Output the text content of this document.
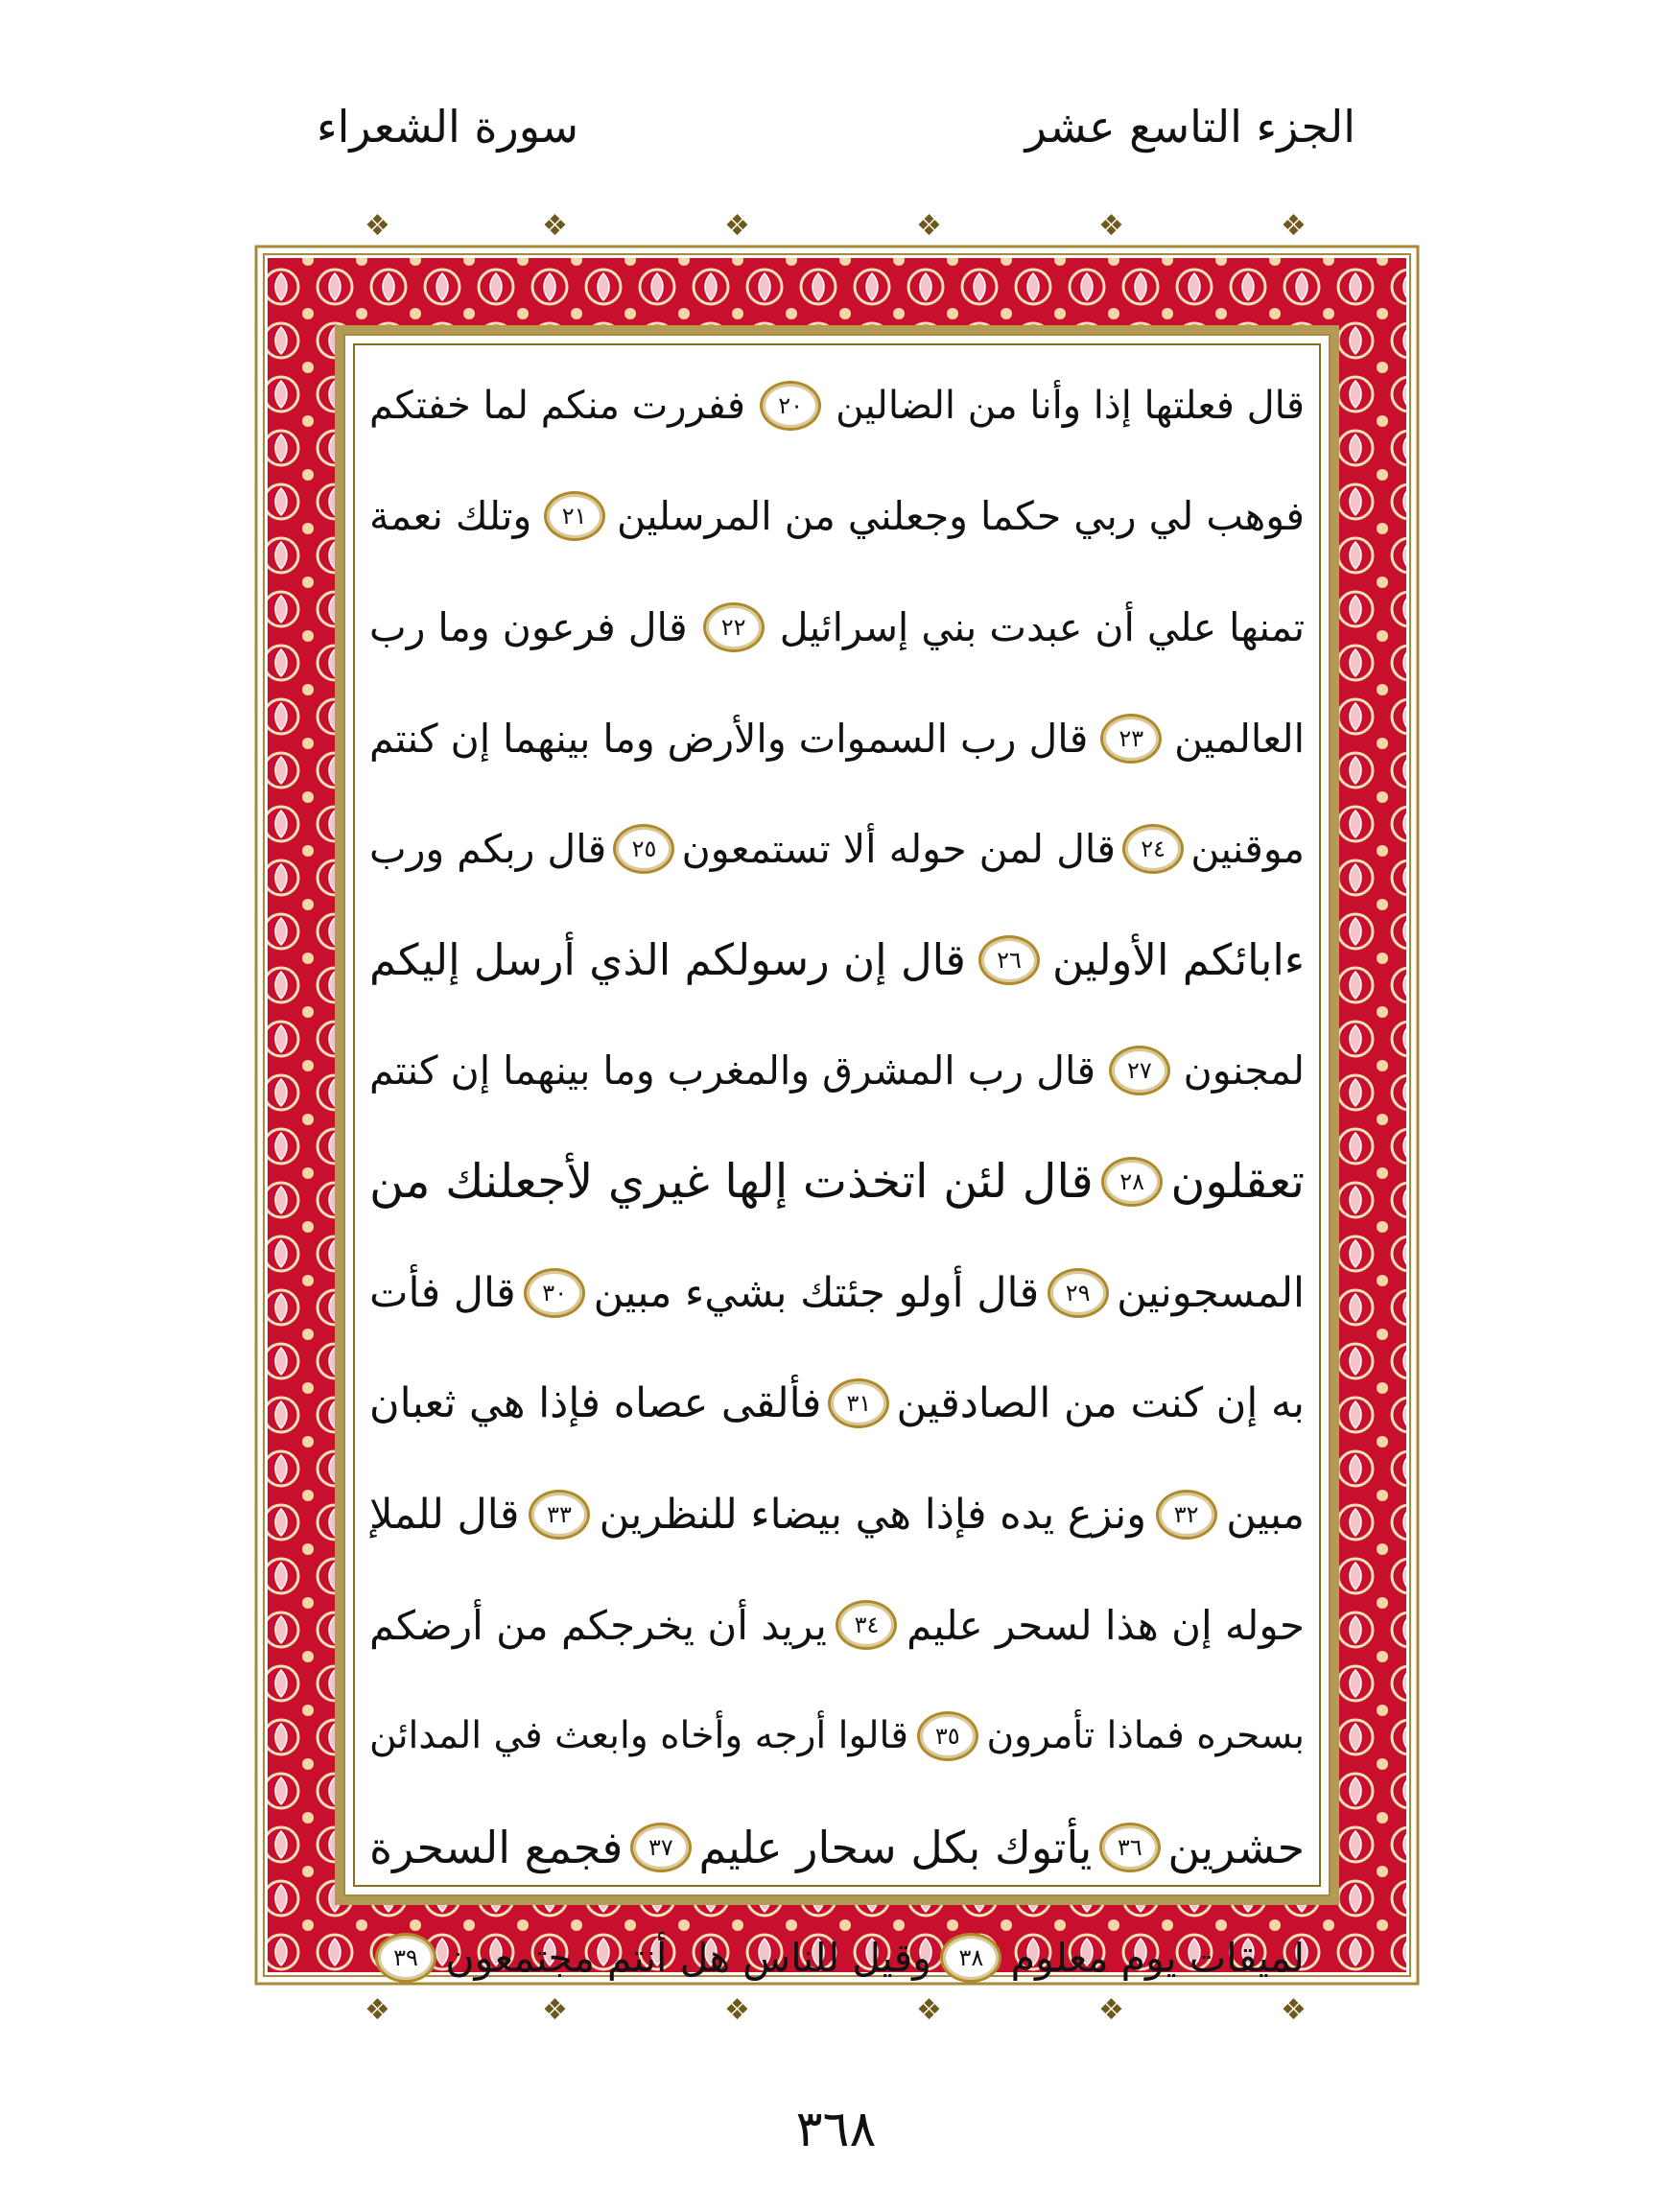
سورة الشعراء	الجزء التاسع عشر
❖	❖	❖	❖	❖	❖
❖	❖	❖	❖	❖	❖
قال فعلتها إذا وأنا من الضالين
٢٠
ففررت منكم لما خفتكم
فوهب لي ربي حكما وجعلني من المرسلين
٢١
وتلك نعمة
تمنها علي أن عبدت بني إسرائيل
٢٢
قال فرعون وما رب
العالمين
٢٣
قال رب السموات والأرض وما بينهما إن كنتم
موقنين
٢٤
قال لمن حوله ألا تستمعون
٢٥
قال ربكم ورب
ءابائكم الأولين
٢٦
قال إن رسولكم الذي أرسل إليكم
لمجنون
٢٧
قال رب المشرق والمغرب وما بينهما إن كنتم
تعقلون
٢٨
قال لئن اتخذت إلها غيري لأجعلنك من
المسجونين
٢٩
قال أولو جئتك بشيء مبين
٣٠
قال فأت
به إن كنت من الصادقين
٣١
فألقى عصاه فإذا هي ثعبان
مبين
٣٢
ونزع يده فإذا هي بيضاء للنظرين
٣٣
قال للملإ
حوله إن هذا لسحر عليم
٣٤
يريد أن يخرجكم من أرضكم
بسحره فماذا تأمرون
٣٥
قالوا أرجه وأخاه وابعث في المدائن
حشرين
٣٦
يأتوك بكل سحار عليم
٣٧
فجمع السحرة
لميقات يوم معلوم
٣٨
وقيل للناس هل أنتم مجتمعون
٣٩
٣٦٨
